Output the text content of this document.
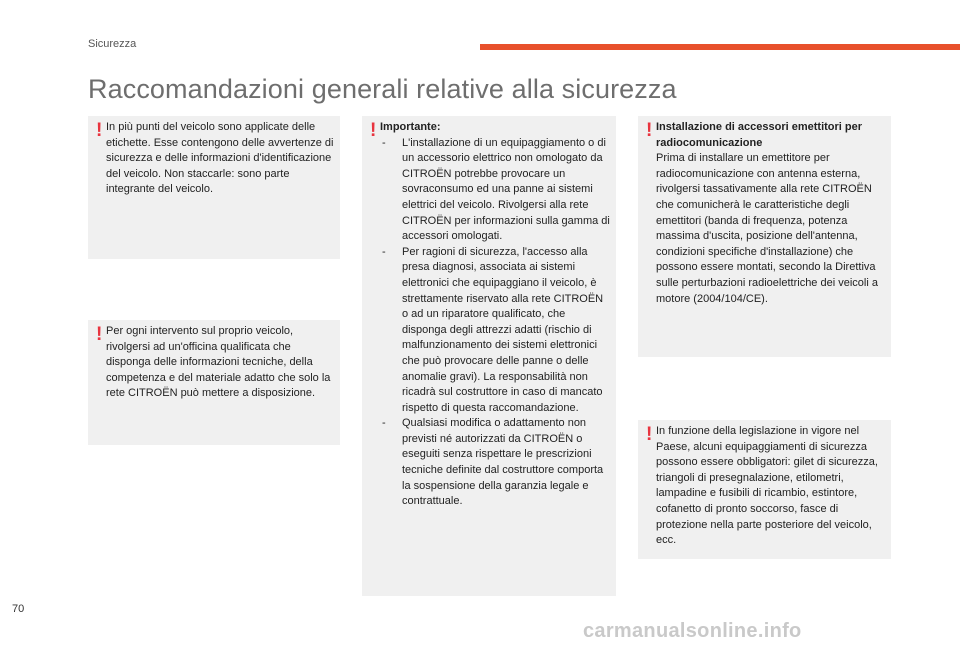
Sicurezza
Raccomandazioni generali relative alla sicurezza
! In più punti del veicolo sono applicate delle etichette. Esse contengono delle avvertenze di sicurezza e delle informazioni d'identificazione del veicolo. Non staccarle: sono parte integrante del veicolo.

! Per ogni intervento sul proprio veicolo, rivolgersi ad un'officina qualificata che disponga delle informazioni tecniche, della competenza e del materiale adatto che solo la rete CITROËN può mettere a disposizione.

! Importante:

- L'installazione di un equipaggiamento o di un accessorio elettrico non omologato da CITROËN potrebbe provocare un sovraconsumo ed una panne ai sistemi elettrici del veicolo. Rivolgersi alla rete CITROËN per informazioni sulla gamma di accessori omologati.
- Per ragioni di sicurezza, l'accesso alla presa diagnosi, associata ai sistemi elettronici che equipaggiano il veicolo, è strettamente riservato alla rete CITROËN o ad un riparatore qualificato, che disponga degli attrezzi adatti (rischio di malfunzionamento dei sistemi elettronici che può provocare delle panne o delle anomalie gravi). La responsabilità non ricadrà sul costruttore in caso di mancato rispetto di questa raccomandazione.
- Qualsiasi modifica o adattamento non previsti né autorizzati da CITROËN o eseguiti senza rispettare le prescrizioni tecniche definite dal costruttore comporta la sospensione della garanzia legale e contrattuale.
! Installazione di accessori emettitori per radiocomunicazione

Prima di installare un emettitore per radiocomunicazione con antenna esterna, rivolgersi tassativamente alla rete CITROËN che comunicherà le caratteristiche degli emettitori (banda di frequenza, potenza massima d'uscita, posizione dell'antenna, condizioni specifiche d'installazione) che possono essere montati, secondo la Direttiva sulle perturbazioni radioelettriche dei veicoli a motore (2004/104/CE).

! In funzione della legislazione in vigore nel Paese, alcuni equipaggiamenti di sicurezza possono essere obbligatori: gilet di sicurezza, triangoli di presegnalazione, etilometri, lampadine e fusibili di ricambio, estintore, cofanetto di pronto soccorso, fasce di protezione nella parte posteriore del veicolo, ecc.

70
carmanualsonline.info
